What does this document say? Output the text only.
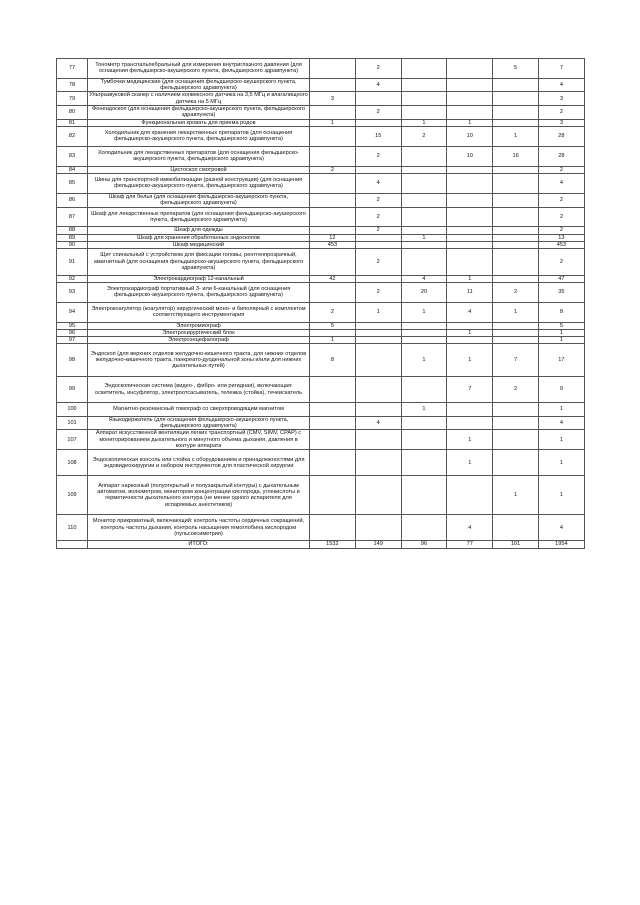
77	Тонометр транспальпебральный для измерения внутриглазного давления (для оснащения фельдшерско-акушерского пункта, фельдшерского здравпункта)		2			5	7
78	Тумбочки медицинские (для оснащения фельдшерско-акушерского пункта, фельдшерского здравпункта)		4				4
79	Ультразвуковой сканер с наличием конвексного датчика на 3,5 МГц и влагалищного датчика на 5 МГц	3					3
80	Фонендоскоп (для оснащения фельдшерско-акушерского пункта, фельдшерского здравпункта)		2				2
81	Функциональная кровать для приема родов	1		1	1		3
82	Холодильник для хранения лекарственных препаратов (для оснащения фельдшерско-акушерского пункта, фельдшерского здравпункта)		15	2	10	1	28
83	Холодильник для лекарственных препаратов (для оснащения фельдшерско-акушерского пункта, фельдшерского здравпункта)		2		10	16	28
84	Цистоскоп смотровой	2					2
85	Шины для транспортной иммобилизации (разной конструкции) (для оснащения фельдшерско-акушерского пункта, фельдшерского здравпункта)		4				4
86	Шкаф для белья (для оснащения фельдшерско-акушерского пункта, фельдшерского здравпункта)		2				2
87	Шкаф для лекарственных препаратов (для оснащения фельдшерско-акушерского пункта, фельдшерского здравпункта)		2				2
88	Шкаф для одежды		2				2
89	Шкаф для хранения обработанных эндоскопов	12		1			13
90	Шкаф медицинский	453					453
91	Щит спинальный с устройством для фиксации головы, рентгенпрозрачный, амагнитный (для оснащения фельдшерско-акушерского пункта, фельдшерского здравпункта)		2				2
92	Электрокардиограф 12-канальный	42		4	1		47
93	Электрокардиограф портативный 3- или 6-канальный (для оснащения фельдшерско-акушерского пункта, фельдшерского здравпункта)		2	20	11	2	35
94	Электрокоагулятор (коагулятор) хирургический моно- и биполярный с комплектом соответствующего инструментария	2	1	1	4	1	8
95	Электромиограф	5					5
96	Электрохирургический блок				1		1
97	Электроэнцефалограф	1					1
98	Эндоскоп (для верхних отделов желудочно-кишечного тракта, для нижних отделов желудочно-кишечного тракта, панкреато-дуоденальной зоны и/или для нижних дыхательных путей)	8		1	1	7	17
99	Эндоскопическая система (видео-, фибро- или ригидная), включающая: осветитель, инсуфлятор, электроотсасыватель, тележка (стойка), течеискатель				7	2	9
100	Магнитно-резонансный томограф со сверхпроводящим магнитом			1			1
101	Языкодержатель (для оснащения фельдшерско-акушерского пункта, фельдшерского здравпункта)		4				4
107	Аппарат искусственной вентиляции легких транспортный (CMV, SIMV, CPAP) с мониторированием дыхательного и минутного объема дыхания, давления в контуре аппарата				1		1
108	Эндоскопическая консоль или стойка с оборудованием и принадлежностями для эндовидеохирургии и набором инструментов для пластической хирургии				1		1
109	Аппарат наркозный (полуоткрытый и полузакрытый контуры) с дыхательным автоматом, волюметром, монитором концентрации кислорода, углекислоты и герметичности дыхательного контура (не менее одного испарителя для испаряемых анестетиков)					1	1
110	Монитор прикроватный, включающий: контроль частоты сердечных сокращений, контроль частоты дыхания, контроль насыщения гемоглобина кислородом (пульсоксиметрия)				4		4
	ИТОГО:	1532	149	96	77	101	1954
